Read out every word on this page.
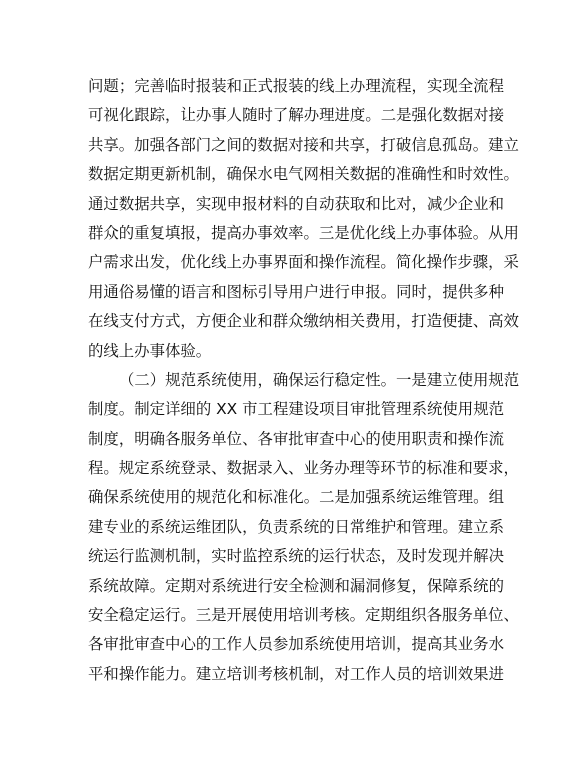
问题；完善临时报装和正式报装的线上办理流程，实现全流程
可视化跟踪，让办事人随时了解办理进度。二是强化数据对接
共享。加强各部门之间的数据对接和共享，打破信息孤岛。建立
数据定期更新机制，确保水电气网相关数据的准确性和时效性。
通过数据共享，实现申报材料的自动获取和比对，减少企业和
群众的重复填报，提高办事效率。三是优化线上办事体验。从用
户需求出发，优化线上办事界面和操作流程。简化操作步骤，采
用通俗易懂的语言和图标引导用户进行申报。同时，提供多种
在线支付方式，方便企业和群众缴纳相关费用，打造便捷、高效
的线上办事体验。
（二）规范系统使用，确保运行稳定性。一是建立使用规范
制度。制定详细的 XX 市工程建设项目审批管理系统使用规范
制度，明确各服务单位、各审批审查中心的使用职责和操作流
程。规定系统登录、数据录入、业务办理等环节的标准和要求，
确保系统使用的规范化和标准化。二是加强系统运维管理。组
建专业的系统运维团队，负责系统的日常维护和管理。建立系
统运行监测机制，实时监控系统的运行状态，及时发现并解决
系统故障。定期对系统进行安全检测和漏洞修复，保障系统的
安全稳定运行。三是开展使用培训考核。定期组织各服务单位、
各审批审查中心的工作人员参加系统使用培训，提高其业务水
平和操作能力。建立培训考核机制，对工作人员的培训效果进
